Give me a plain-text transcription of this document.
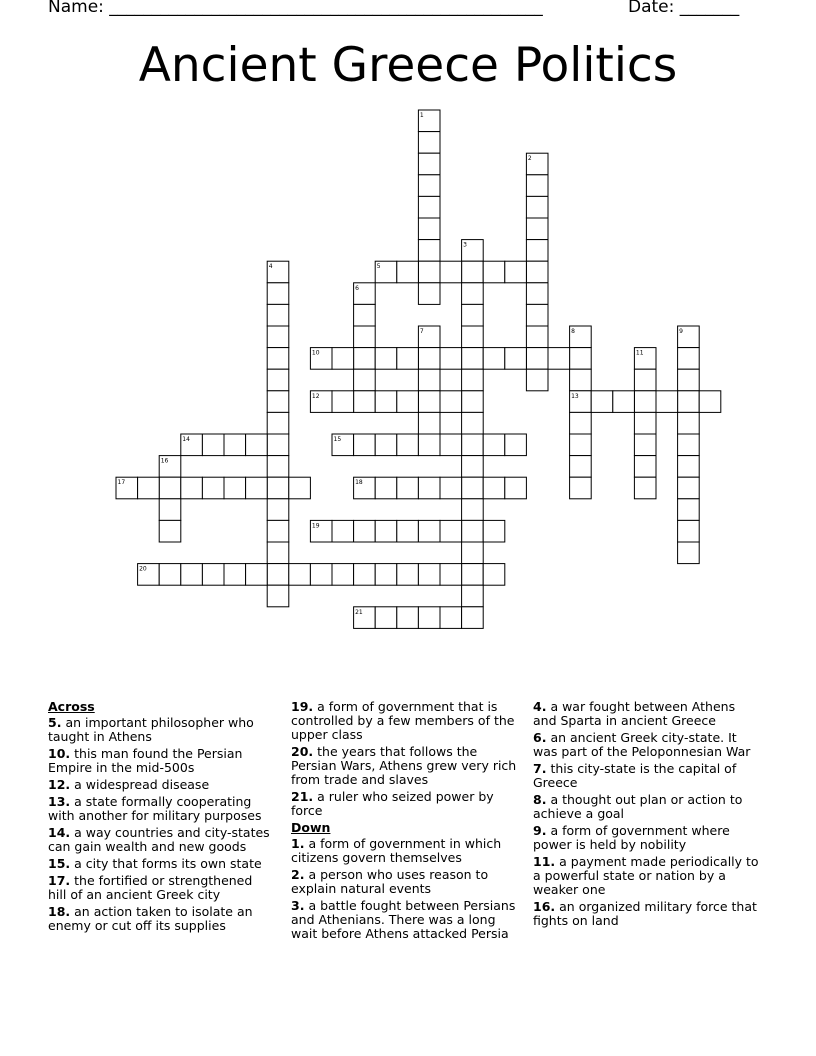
Name: ___________________________________________________	Date: _______
Ancient Greece Politics
1
2
3
4	5
6
7	8	9
10	11
12	13
14	15
16
17	18
19
20
21
Across
5. an important philosopher who taught in Athens
10. this man found the Persian Empire in the mid-500s
12. a widespread disease
13. a state formally cooperating with another for military purposes
14. a way countries and city-states can gain wealth and new goods
15. a city that forms its own state
17. the fortified or strengthened hill of an ancient Greek city
18. an action taken to isolate an enemy or cut off its supplies
19. a form of government that is controlled by a few members of the upper class
20. the years that follows the Persian Wars, Athens grew very rich from trade and slaves
21. a ruler who seized power by force
Down
1. a form of government in which citizens govern themselves
2. a person who uses reason to explain natural events
3. a battle fought between Persians and Athenians. There was a long wait before Athens attacked Persia
4. a war fought between Athens and Sparta in ancient Greece
6. an ancient Greek city-state. It was part of the Peloponnesian War
7. this city-state is the capital of Greece
8. a thought out plan or action to achieve a goal
9. a form of government where power is held by nobility
11. a payment made periodically to a powerful state or nation by a weaker one
16. an organized military force that fights on land
